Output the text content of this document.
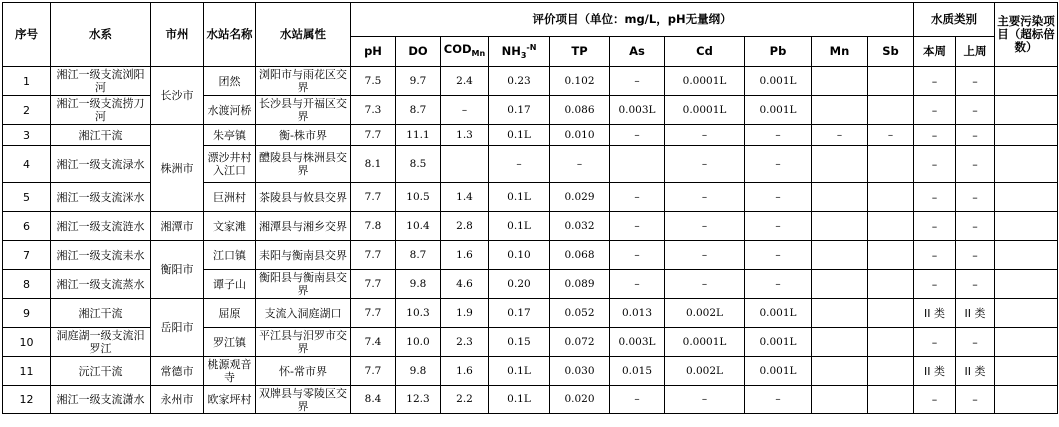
序号	水系	市州	水站名称	水站属性	评价项目（单位：mg/L，pH无量纲）										水质类别		主要污染项目（超标倍数）
					pH	DO	$COD_{Mn}$	$NH_3^{-N}$	TP	As	Cd	Pb	Mn	Sb	本周	上周	
1	湘江一级支流浏阳河	长沙市	团然	浏阳市与雨花区交界	7.5	9.7	2.4	0.23	0.102	–	0.0001L	0.001L			–	–	
2	湘江一级支流捞刀河		水渡河桥	长沙县与开福区交界	7.3	8.7	–	0.17	0.086	0.003L	0.0001L	0.001L			–	–	
3	湘江干流	株洲市	朱亭镇	衡-株市界	7.7	11.1	1.3	0.1L	0.010	–	–	–	–	–	–	–	
4	湘江一级支流渌水		漂沙井村入江口	醴陵县与株洲县交界	8.1	8.5		–	–		–	–			–	–	
5	湘江一级支流洣水		巨洲村	茶陵县与攸县交界	7.7	10.5	1.4	0.1L	0.029	–	–	–			–	–	
6	湘江一级支流涟水	湘潭市	文家滩	湘潭县与湘乡交界	7.8	10.4	2.8	0.1L	0.032	–	–	–			–	–	
7	湘江一级支流耒水	衡阳市	江口镇	耒阳与衡南县交界	7.7	8.7	1.6	0.10	0.068	–	–	–			–	–	
8	湘江一级支流蒸水		谭子山	衡阳县与衡南县交界	7.7	9.8	4.6	0.20	0.089	–	–	–			–	–	
9	湘江干流	岳阳市	屈原	支流入洞庭湖口	7.7	10.3	1.9	0.17	0.052	0.013	0.002L	0.001L			II 类	II 类	
10	洞庭湖一级支流汨罗江		罗江镇	平江县与汨罗市交界	7.4	10.0	2.3	0.15	0.072	0.003L	0.0001L	0.001L			–	–	
11	沅江干流	常德市	桃源观音寺	怀-常市界	7.7	9.8	1.6	0.1L	0.030	0.015	0.002L	0.001L			II 类	II 类	
12	湘江一级支流潇水	永州市	欧家坪村	双牌县与零陵区交界	8.4	12.3	2.2	0.1L	0.020	–	–	–			–	–	
